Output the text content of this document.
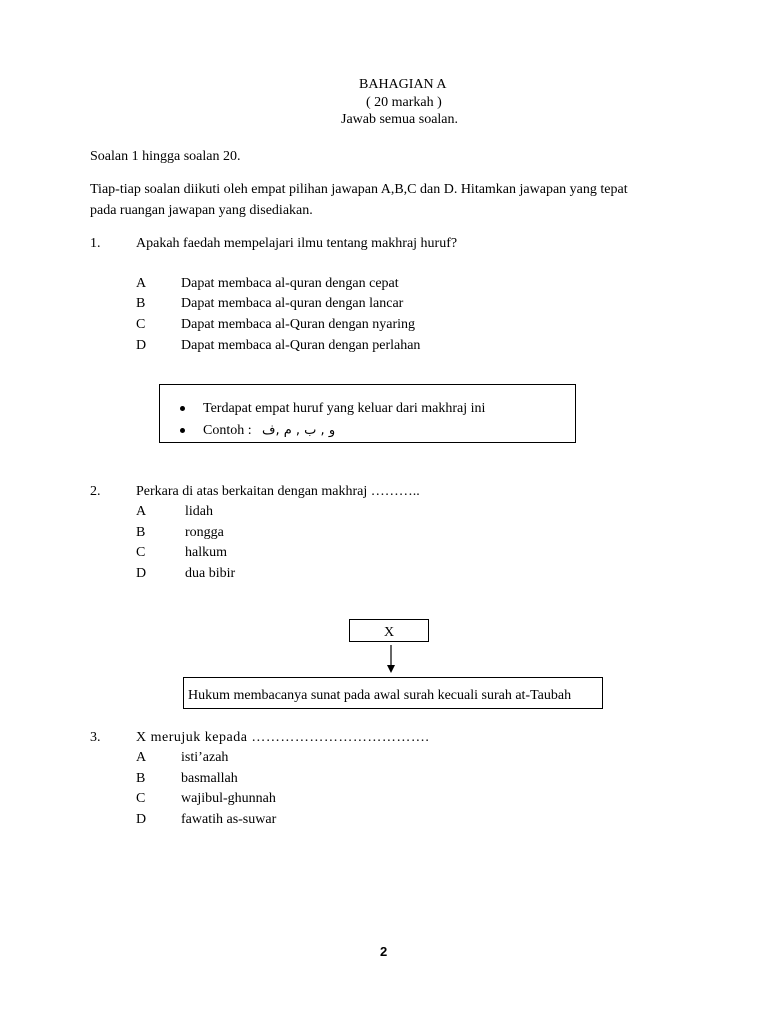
BAHAGIAN A
( 20 markah )
Jawab semua soalan.
Soalan 1 hingga soalan 20.
Tiap-tiap soalan diikuti oleh empat pilihan jawapan A,B,C dan D. Hitamkan jawapan yang tepat
pada ruangan jawapan yang disediakan.
1.	Apakah faedah mempelajari ilmu tentang makhraj huruf?
A Dapat membaca al-quran dengan cepat
B	Dapat membaca al-quran dengan lancar
C	Dapat membaca al-Quran dengan nyaring
D Dapat membaca al-Quran dengan perlahan
Terdapat empat huruf yang keluar dari makhraj ini
Contoh : و , ب , م ,ف
2.	Perkara di atas berkaitan dengan makhraj ………..
A	lidah
B	rongga
C	halkum
D	dua bibir
X
Hukum membacanya sunat pada awal surah kecuali surah at-Taubah
3.	X merujuk kepada ……………………………….
A isti’azah
B	basmallah
C	wajibul-ghunnah
D fawatih as-suwar
2
